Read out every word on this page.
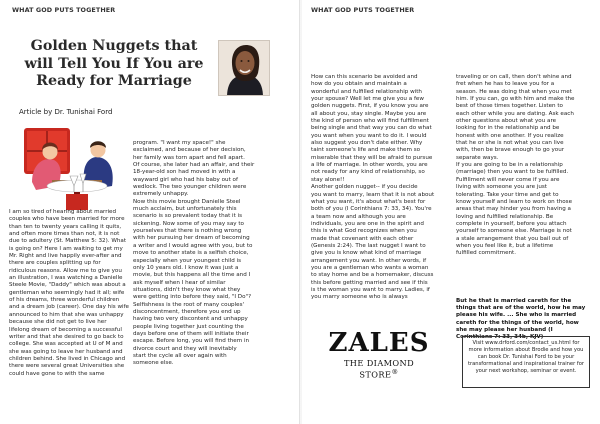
WHAT GOD PUTS TOGETHER
Golden Nuggets that will Tell You If You are Ready for Marriage
Article by Dr. Tunishai Ford
I am so tired of hearing about married
couples who have been married for more
than ten to twenty years calling it quits,
and often more times than not, it is not
due to adultery (St. Matthew 5: 32). What
is going on? Here I am waiting to get my
Mr. Right and live happily ever-after and
there are couples splitting up for
ridiculous reasons. Allow me to give you
an illustration, I was watching a Danielle
Steele Movie, "Daddy" which was about a
gentleman who seemingly had it all; wife
of his dreams, three wonderful children
and a dream job (career). One day his wife
announced to him that she was unhappy
because she did not get to live her
lifelong dream of becoming a successful
writer and that she desired to go back to
college. She was accepted at U of M and
she was going to leave her husband and
children behind. She lived in Chicago and
there were several great Universities she
could have gone to with the same
program. "I want my space!" she
exclaimed, and because of her decision,
her family was torn apart and fell apart.
Of course, she later had an affair, and their
18-year-old son had moved in with a
wayward girl who had his baby out of
wedlock. The two younger children were
extremely unhappy.
Now this movie brought Danielle Steel
much acclaim, but unfortunately this
scenario is so prevalent today that it is
sickening. Now some of you may say to
yourselves that there is nothing wrong
with her pursuing her dream of becoming
a writer and I would agree with you, but to
move to another state is a selfish choice,
especially when your youngest child is
only 10 years old. I know it was just a
movie, but this happens all the time and I
ask myself when I hear of similar
situations, didn't they know what they
were getting into before they said, "I Do"?
Selfishness is the root of many couples'
disconcentment, therefore you end up
having two very discontent and unhappy
people living together just counting the
days before one of them will initiate their
escape. Before long, you will find them in
divorce court and they will inevitably
start the cycle all over again with
someone else.
WHAT GOD PUTS TOGETHER
How can this scenario be avoided and
how do you obtain and maintain a
wonderful and fulfilled relationship with
your spouse? Well let me give you a few
golden nuggets. First, if you know you are
all about you, stay single. Maybe you are
the kind of person who will find fulfillment
being single and that way you can do what
you want when you want to do it. I would
also suggest you don't date either. Why
taint someone's life and make them so
miserable that they will be afraid to pursue
a life of marriage. In other words, you are
not ready for any kind of relationship, so
stay alone!!
Another golden nugget-- if you decide
you want to marry, learn that it is not about
what you want, it's about what's best for
both of you (I Corinthians 7: 33, 34). You're
a team now and although you are
individuals, you are one in the spirit and
this is what God recognizes when you
made that covenant with each other
(Genesis 2:24). The last nugget I want to
give you is know what kind of marriage
arrangement you want. In other words, if
you are a gentleman who wants a woman
to stay home and be a homemaker, discuss
this before getting married and see if this
is the woman you want to marry. Ladies, if
you marry someone who is always
traveling or on call, then don't whine and
fret when he has to leave you for a
season. He was doing that when you met
him. If you can, go with him and make the
best of those times together. Listen to
each other while you are dating. Ask each
other questions about what you are
looking for in the relationship and be
honest with one another. If you realize
that he or she is not what you can live
with, then be brave enough to go your
separate ways.
If you are going to be in a relationship
(marriage) then you want to be fulfilled.
Fulfillment will never come if you are
living with someone you are just
tolerating. Take your time and get to
know yourself and learn to work on those
areas that may hinder you from having a
loving and fulfilled relationship. Be
complete in yourself, before you attach
yourself to someone else. Marriage is not
a stale arrangement that you bail out of
when you feel like it, but a lifetime
fulfilled commitment.
But he that is married careth for the
things that are of the world, how he may
please his wife. ... She who is married
careth for the things of the world, how
she may please her husband (I
Corinthians 7: 33, 34b, KJV)
ZALES
THE DIAMOND STORE®
Visit www.drford.com/contact_us.html for
more information about Brodie and how you
can book Dr. Tunishai Ford to be your
transformational and inspirational trainer for
your next workshop, seminar or event.
